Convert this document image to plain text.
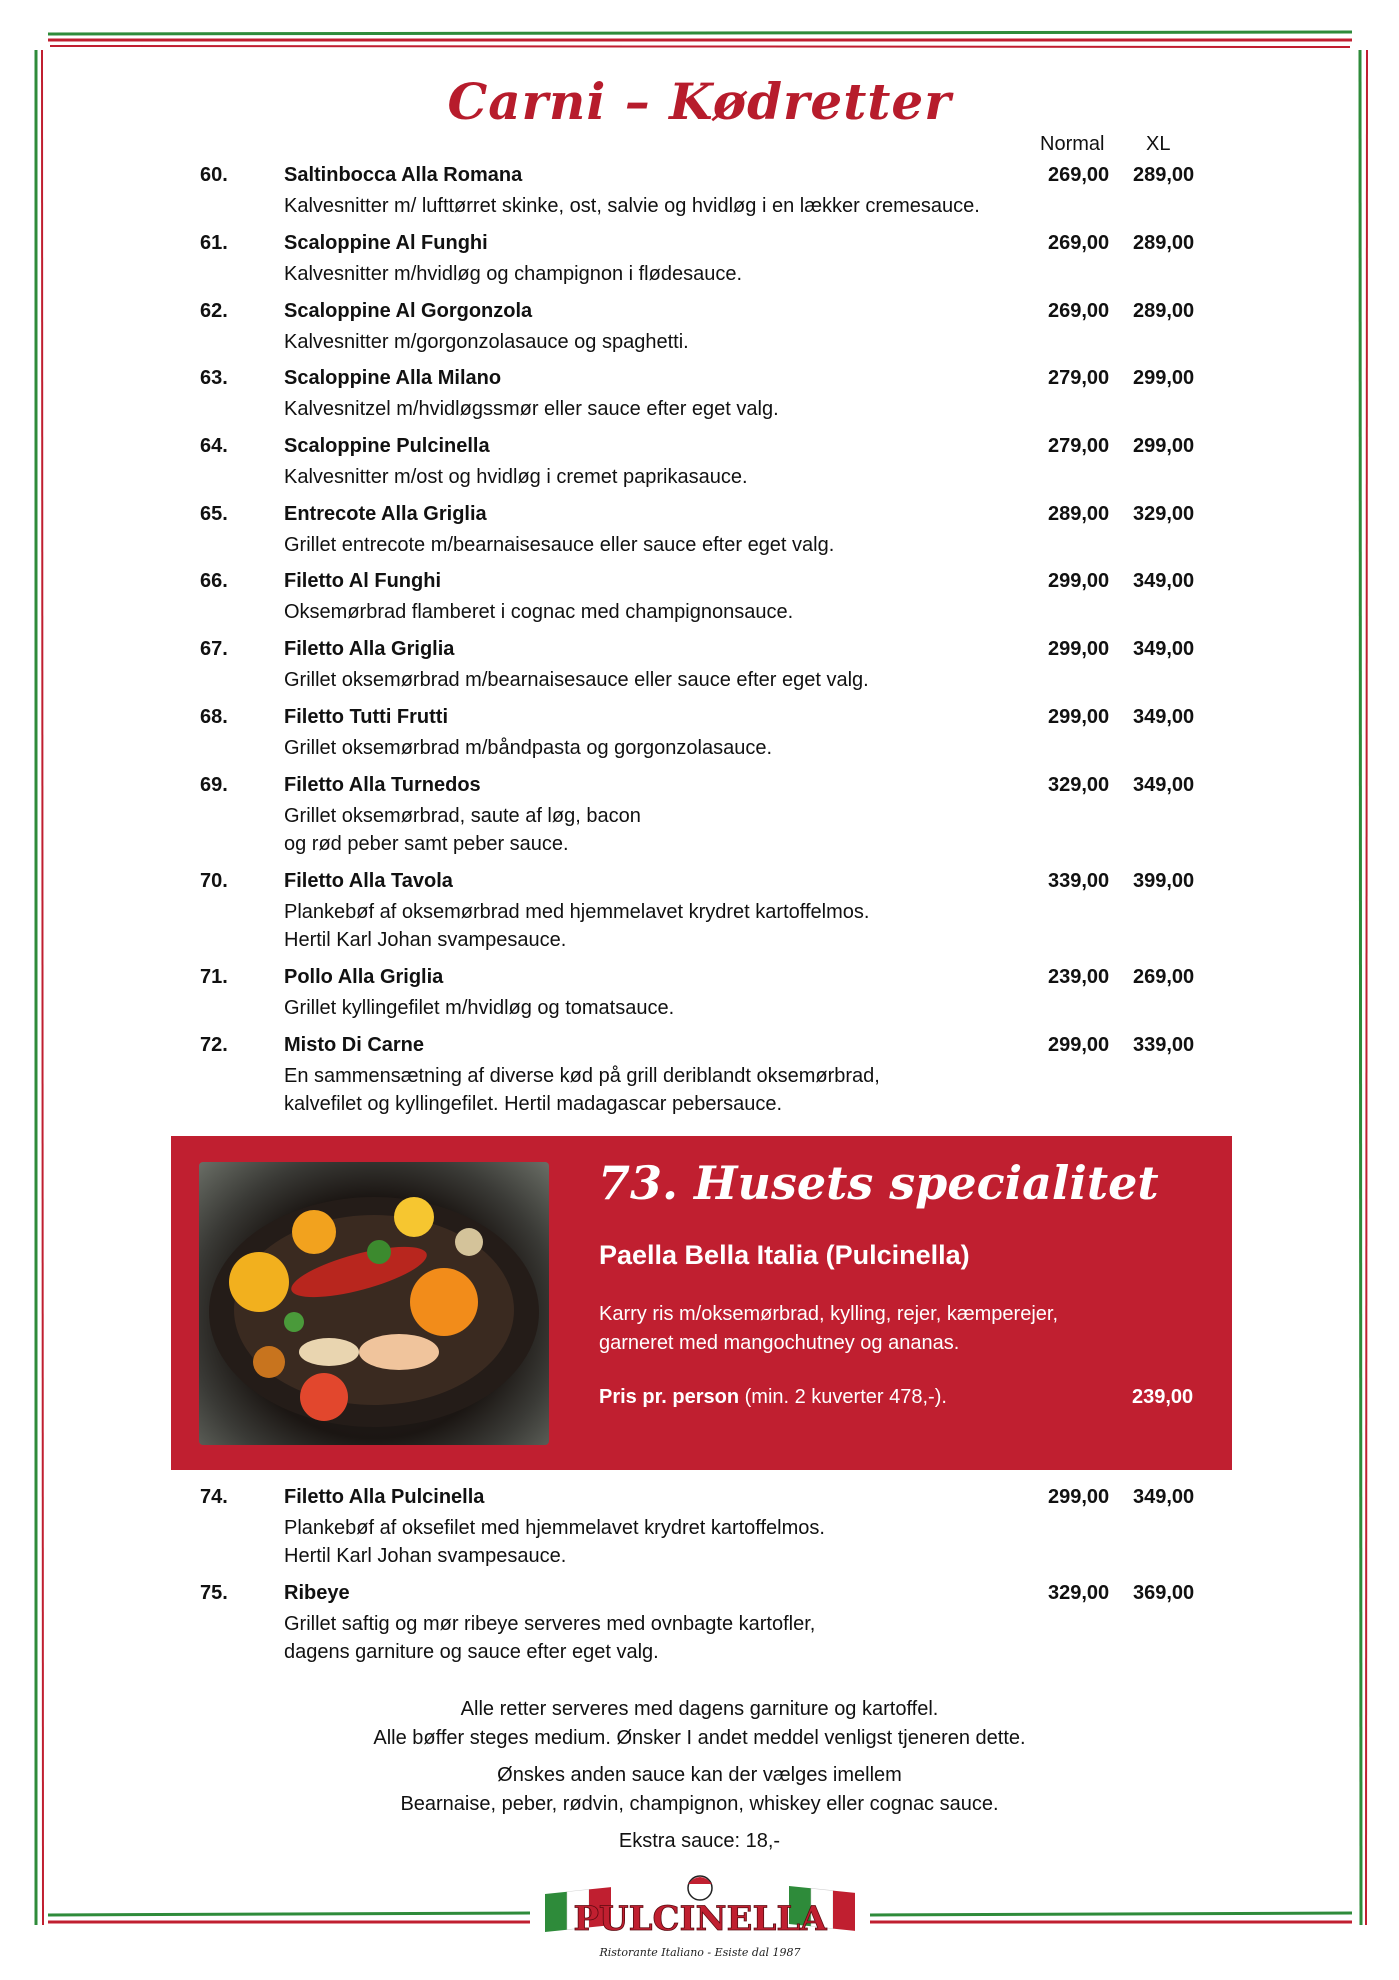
Carni – Kødretter
Normal XL
60.	Saltinbocca Alla Romana	269,00 289,00
Kalvesnitter m/ lufttørret skinke, ost, salvie og hvidløg i en lækker cremesauce.
61.	Scaloppine Al Funghi	269,00 289,00
Kalvesnitter m/hvidløg og champignon i flødesauce.
62.	Scaloppine Al Gorgonzola	269,00 289,00
Kalvesnitter m/gorgonzolasauce og spaghetti.
63.	Scaloppine Alla Milano	279,00 299,00
Kalvesnitzel m/hvidløgssmør eller sauce efter eget valg.
64.	Scaloppine Pulcinella	279,00 299,00
Kalvesnitter m/ost og hvidløg i cremet paprikasauce.
65.	Entrecote Alla Griglia	289,00 329,00
Grillet entrecote m/bearnaisesauce eller sauce efter eget valg.
66.	Filetto Al Funghi	299,00 349,00
Oksemørbrad flamberet i cognac med champignonsauce.
67.	Filetto Alla Griglia	299,00 349,00
Grillet oksemørbrad m/bearnaisesauce eller sauce efter eget valg.
68.	Filetto Tutti Frutti	299,00 349,00
Grillet oksemørbrad m/båndpasta og gorgonzolasauce.
69.	Filetto Alla Turnedos	329,00 349,00
Grillet oksemørbrad, saute af løg, bacon
og rød peber samt peber sauce.
70.	Filetto Alla Tavola	339,00 399,00
Plankebøf af oksemørbrad med hjemmelavet krydret kartoffelmos.
Hertil Karl Johan svampesauce.
71.	Pollo Alla Griglia	239,00 269,00
Grillet kyllingefilet m/hvidløg og tomatsauce.
72.	Misto Di Carne	299,00 339,00
En sammensætning af diverse kød på grill deriblandt oksemørbrad,
kalvefilet og kyllingefilet. Hertil madagascar pebersauce.
74.	Filetto Alla Pulcinella	299,00 349,00
Plankebøf af oksefilet med hjemmelavet krydret kartoffelmos.
Hertil Karl Johan svampesauce.
75.	Ribeye	329,00 369,00
Grillet saftig og mør ribeye serveres med ovnbagte kartofler,
dagens garniture og sauce efter eget valg.
73. Husets specialitet
Paella Bella Italia (Pulcinella)
Karry ris m/oksemørbrad, kylling, rejer, kæmperejer,
garneret med mangochutney og ananas.
Pris pr. person (min. 2 kuverter 478,-).	239,00
Alle retter serveres med dagens garniture og kartoffel.
Alle bøffer steges medium. Ønsker I andet meddel venligst tjeneren dette.
Ønskes anden sauce kan der vælges imellem
Bearnaise, peber, rødvin, champignon, whiskey eller cognac sauce.
Ekstra sauce: 18,-
PULCINELLA
Ristorante Italiano - Esiste dal 1987
